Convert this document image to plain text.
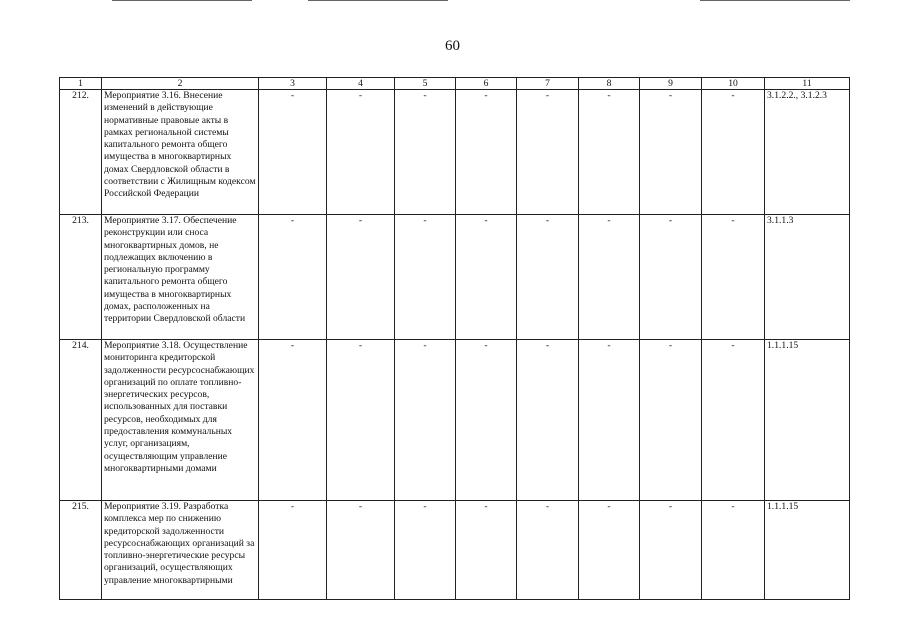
60
1	2	3	4	5	6	7	8	9	10	11
212.	Мероприятие 3.16. Внесение изменений в действующие нормативные правовые акты в рамках региональной системы капитального ремонта общего имущества в многоквартирных домах Свердловской области в соответствии с Жилищным кодексом Российской Федерации	-	-	-	-	-	-	-	-	3.1.2.2., 3.1.2.3
213.	Мероприятие 3.17. Обеспечение реконструкции или сноса многоквартирных домов, не подлежащих включению в региональную программу капитального ремонта общего имущества в многоквартирных домах, расположенных на территории Свердловской области	-	-	-	-	-	-	-	-	3.1.1.3
214.	Мероприятие 3.18. Осуществление мониторинга кредиторской задолженности ресурсоснабжающих организаций по оплате топливно-энергетических ресурсов, использованных для поставки ресурсов, необходимых для предоставления коммунальных услуг, организациям, осуществляющим управление многоквартирными домами	-	-	-	-	-	-	-	-	1.1.1.15
215.	Мероприятие 3.19. Разработка комплекса мер по снижению кредиторской задолженности ресурсоснабжающих организаций за топливно-энергетические ресурсы организаций, осуществляющих управление многоквартирными	-	-	-	-	-	-	-	-	1.1.1.15
